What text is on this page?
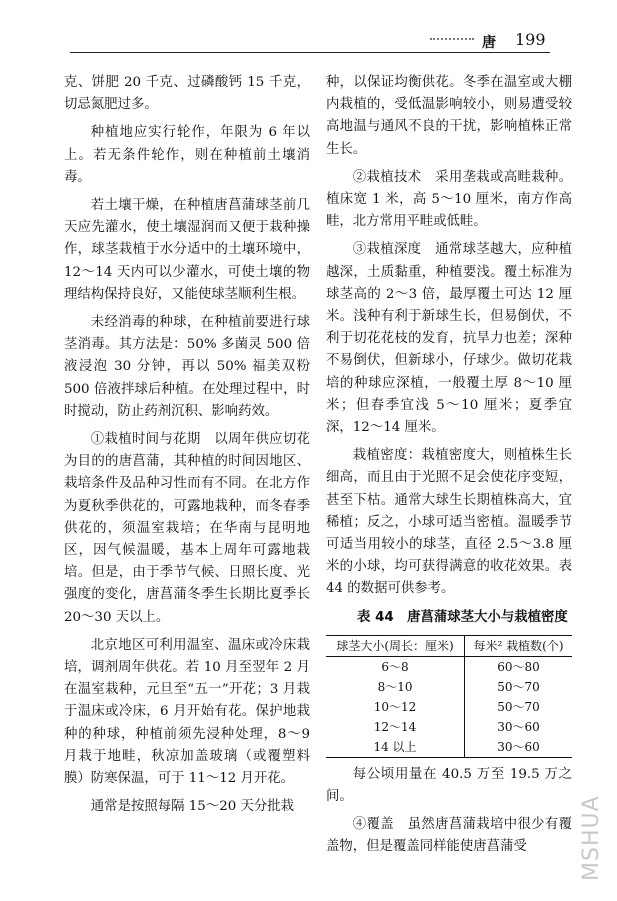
唐 199

克、饼肥 20 千克、过磷酸钙 15 千克，切忌氮肥过多。

种植地应实行轮作，年限为 6 年以上。若无条件轮作，则在种植前土壤消毒。

若土壤干燥，在种植唐菖蒲球茎前几天应先灌水，使土壤湿润而又便于栽种操作，球茎栽植于水分适中的土壤环境中，12～14 天内可以少灌水，可使土壤的物理结构保持良好，又能使球茎顺利生根。

未经消毒的种球，在种植前要进行球茎消毒。其方法是：50% 多菌灵 500 倍液浸泡 30 分钟，再以 50% 福美双粉 500 倍液拌球后种植。在处理过程中，时时搅动，防止药剂沉积、影响药效。

①栽植时间与花期　以周年供应切花为目的的唐菖蒲，其种植的时间因地区、栽培条件及品种习性而有不同。在北方作为夏秋季供花的，可露地栽种，而冬春季供花的，须温室栽培；在华南与昆明地区，因气候温暖，基本上周年可露地栽培。但是，由于季节气候、日照长度、光强度的变化，唐菖蒲冬季生长期比夏季长 20～30 天以上。

北京地区可利用温室、温床或冷床栽培，调剂周年供花。若 10 月至翌年 2 月在温室栽种，元旦至“五一”开花；3 月栽于温床或冷床，6 月开始有花。保护地栽种的种球，种植前须先浸种处理，8～9 月栽于地畦，秋凉加盖玻璃（或覆塑料膜）防寒保温，可于 11～12 月开花。

通常是按照每隔 15～20 天分批栽

种，以保证均衡供花。冬季在温室或大棚内栽植的，受低温影响较小，则易遭受较高地温与通风不良的干扰，影响植株正常生长。

②栽植技术　采用垄栽或高畦栽种。植床宽 1 米，高 5～10 厘米，南方作高畦，北方常用平畦或低畦。

③栽植深度　通常球茎越大，应种植越深，土质黏重，种植要浅。覆土标准为球茎高的 2～3 倍，最厚覆土可达 12 厘米。浅种有利于新球生长，但易倒伏，不利于切花花枝的发育，抗旱力也差；深种不易倒伏，但新球小，仔球少。做切花栽培的种球应深植，一般覆土厚 8～10 厘米；但春季宜浅 5～10 厘米；夏季宜深，12～14 厘米。

栽植密度：栽植密度大，则植株生长细高，而且由于光照不足会使花序变短，甚至下枯。通常大球生长期植株高大，宜稀植；反之，小球可适当密植。温暖季节可适当用较小的球茎，直径 2.5～3.8 厘米的小球，均可获得满意的收花效果。表 44 的数据可供参考。

表 44　唐菖蒲球茎大小与栽植密度

球茎大小(周长：厘米)	每米² 栽植数(个)
6～8	60～80
8～10	50～70
10～12	50～70
12～14	30～60
14 以上	30～60

每公顷用量在 40.5 万至 19.5 万之间。

④覆盖　虽然唐菖蒲栽培中很少有覆盖物，但是覆盖同样能使唐菖蒲受	MSHUA
